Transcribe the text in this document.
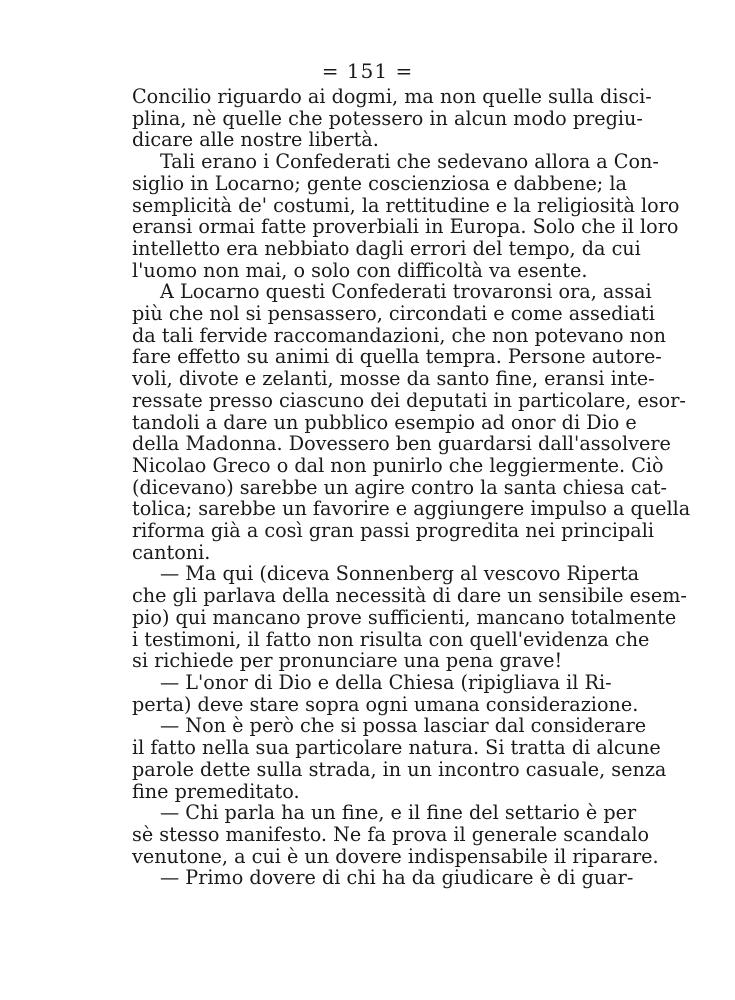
= 151 =
Concilio riguardo ai dogmi, ma non quelle sulla disci-
plina, nè quelle che potessero in alcun modo pregiu-
dicare alle nostre libertà.
Tali erano i Confederati che sedevano allora a Con-
siglio in Locarno; gente coscienziosa e dabbene; la
semplicità de' costumi, la rettitudine e la religiosità loro
eransi ormai fatte proverbiali in Europa. Solo che il loro
intelletto era nebbiato dagli errori del tempo, da cui
l'uomo non mai, o solo con difficoltà va esente.
A Locarno questi Confederati trovaronsi ora, assai
più che nol si pensassero, circondati e come assediati
da tali fervide raccomandazioni, che non potevano non
fare effetto su animi di quella tempra. Persone autore-
voli, divote e zelanti, mosse da santo fine, eransi inte-
ressate presso ciascuno dei deputati in particolare, esor-
tandoli a dare un pubblico esempio ad onor di Dio e
della Madonna. Dovessero ben guardarsi dall'assolvere
Nicolao Greco o dal non punirlo che leggiermente. Ciò
(dicevano) sarebbe un agire contro la santa chiesa cat-
tolica; sarebbe un favorire e aggiungere impulso a quella
riforma già a così gran passi progredita nei principali
cantoni.
— Ma qui (diceva Sonnenberg al vescovo Riperta
che gli parlava della necessità di dare un sensibile esem-
pio) qui mancano prove sufficienti, mancano totalmente
i testimoni, il fatto non risulta con quell'evidenza che
si richiede per pronunciare una pena grave!
— L'onor di Dio e della Chiesa (ripigliava il Ri-
perta) deve stare sopra ogni umana considerazione.
— Non è però che si possa lasciar dal considerare
il fatto nella sua particolare natura. Si tratta di alcune
parole dette sulla strada, in un incontro casuale, senza
fine premeditato.
— Chi parla ha un fine, e il fine del settario è per
sè stesso manifesto. Ne fa prova il generale scandalo
venutone, a cui è un dovere indispensabile il riparare.
— Primo dovere di chi ha da giudicare è di guar-
